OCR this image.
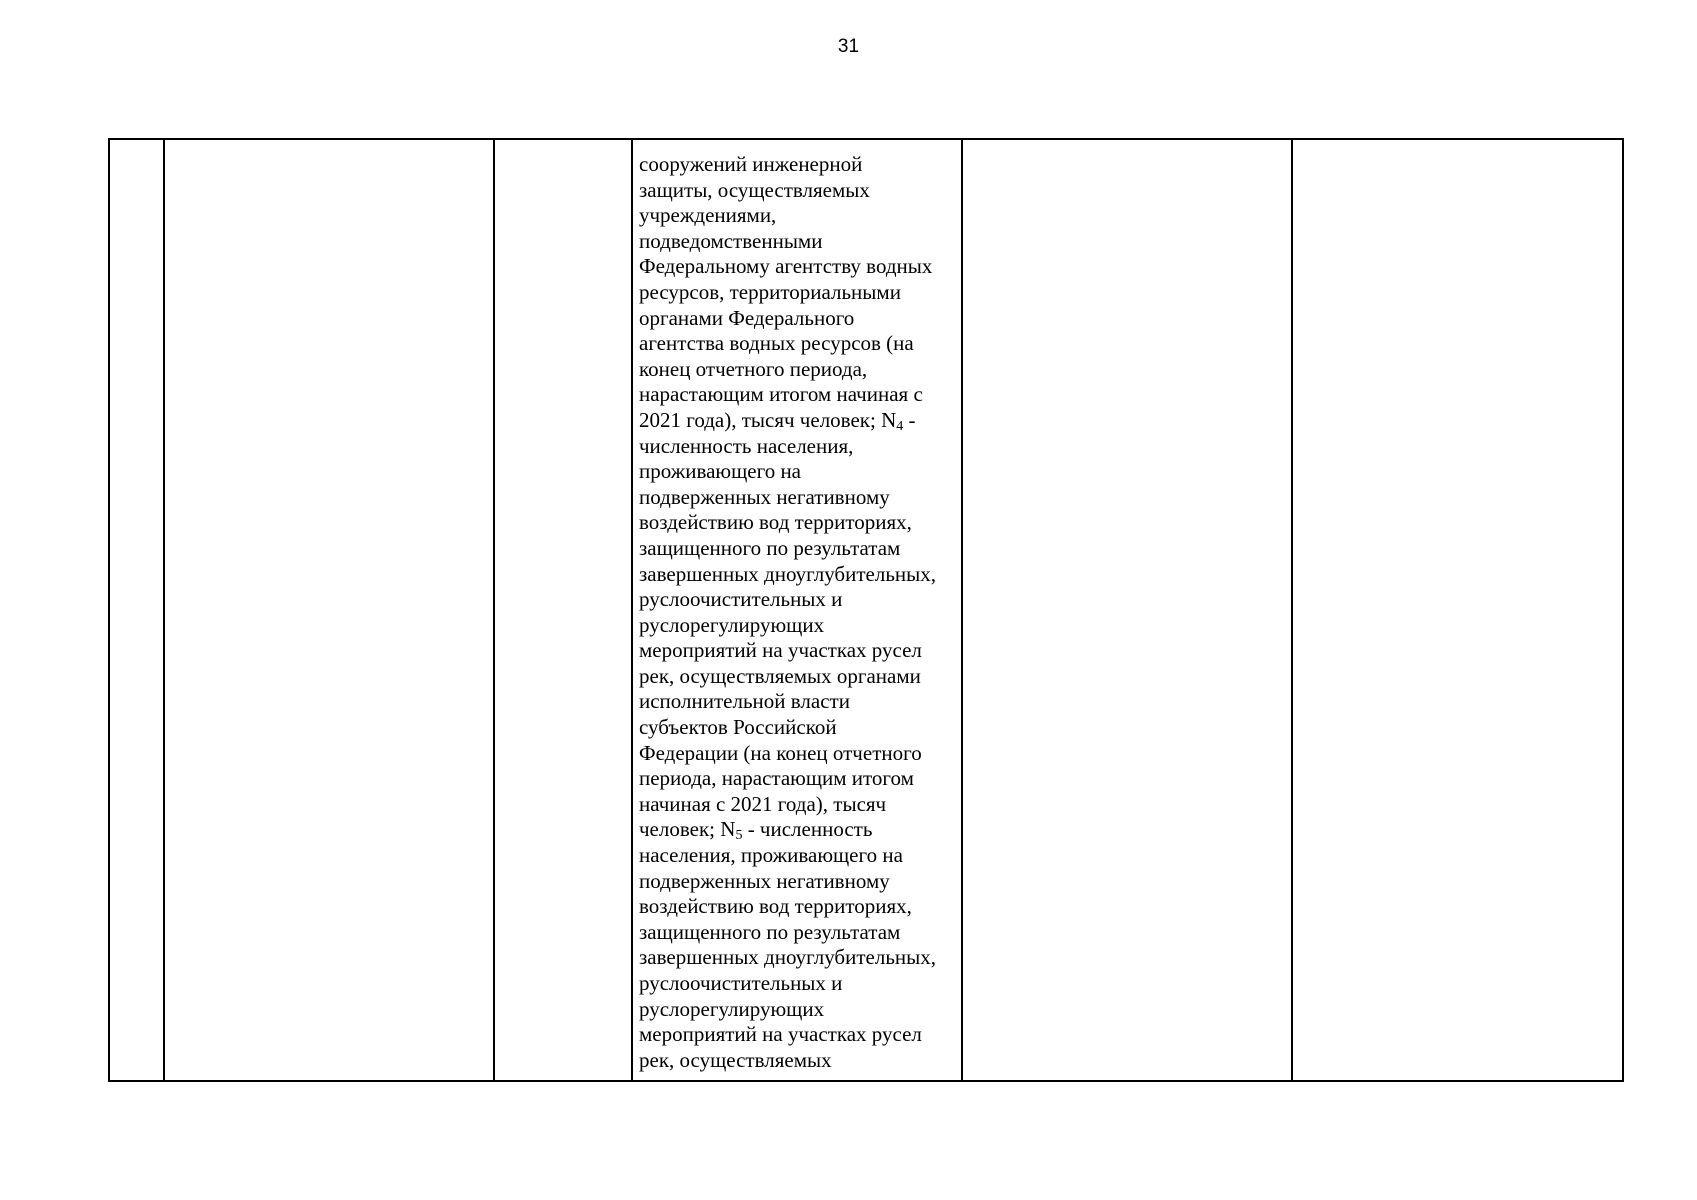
31

сооружений инженерной
защиты, осуществляемых
учреждениями,
подведомственными
Федеральному агентству водных
ресурсов, территориальными
органами Федерального
агентства водных ресурсов (на
конец отчетного периода,
нарастающим итогом начиная с
2021 года), тысяч человек; $N_4$ -
численность населения,
проживающего на
подверженных негативному
воздействию вод территориях,
защищенного по результатам
завершенных дноуглубительных,
руслоочистительных и
руслорегулирующих
мероприятий на участках русел
рек, осуществляемых органами
исполнительной власти
субъектов Российской
Федерации (на конец отчетного
периода, нарастающим итогом
начиная с 2021 года), тысяч
человек; $N_5$ - численность
населения, проживающего на
подверженных негативному
воздействию вод территориях,
защищенного по результатам
завершенных дноуглубительных,
руслоочистительных и
руслорегулирующих
мероприятий на участках русел
рек, осуществляемых
